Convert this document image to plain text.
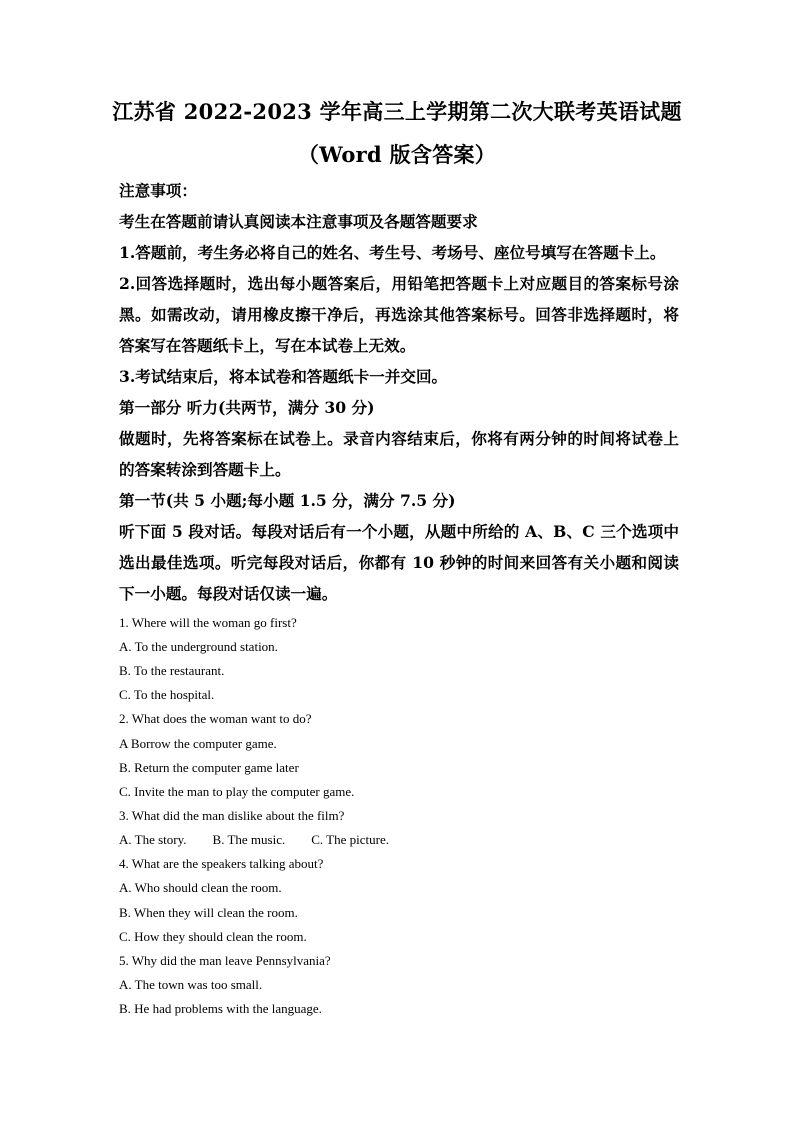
江苏省 2022-2023 学年高三上学期第二次大联考英语试题
（Word 版含答案）

注意事项：

考生在答题前请认真阅读本注意事项及各题答题要求

1.答题前，考生务必将自己的姓名、考生号、考场号、座位号填写在答题卡上。

2.回答选择题时，选出每小题答案后，用铅笔把答题卡上对应题目的答案标号涂黑。如需改动，请用橡皮擦干净后，再选涂其他答案标号。回答非选择题时，将答案写在答题纸卡上，写在本试卷上无效。

3.考试结束后，将本试卷和答题纸卡一并交回。

第一部分 听力(共两节，满分 30 分)

做题时，先将答案标在试卷上。录音内容结束后，你将有两分钟的时间将试卷上的答案转涂到答题卡上。

第一节(共 5 小题;每小题 1.5 分，满分 7.5 分)

听下面 5 段对话。每段对话后有一个小题，从题中所给的 A、B、C 三个选项中选出最佳选项。听完每段对话后，你都有 10 秒钟的时间来回答有关小题和阅读下一小题。每段对话仅读一遍。

1. Where will the woman go first?

A. To the underground station.

B. To the restaurant.

C. To the hospital.

2. What does the woman want to do?

A Borrow the computer game.

B. Return the computer game later

C. Invite the man to play the computer game.

3. What did the man dislike about the film?

A. The story.        B. The music.        C. The picture.

4. What are the speakers talking about?

A. Who should clean the room.

B. When they will clean the room.

C. How they should clean the room.

5. Why did the man leave Pennsylvania?

A. The town was too small.

B. He had problems with the language.
